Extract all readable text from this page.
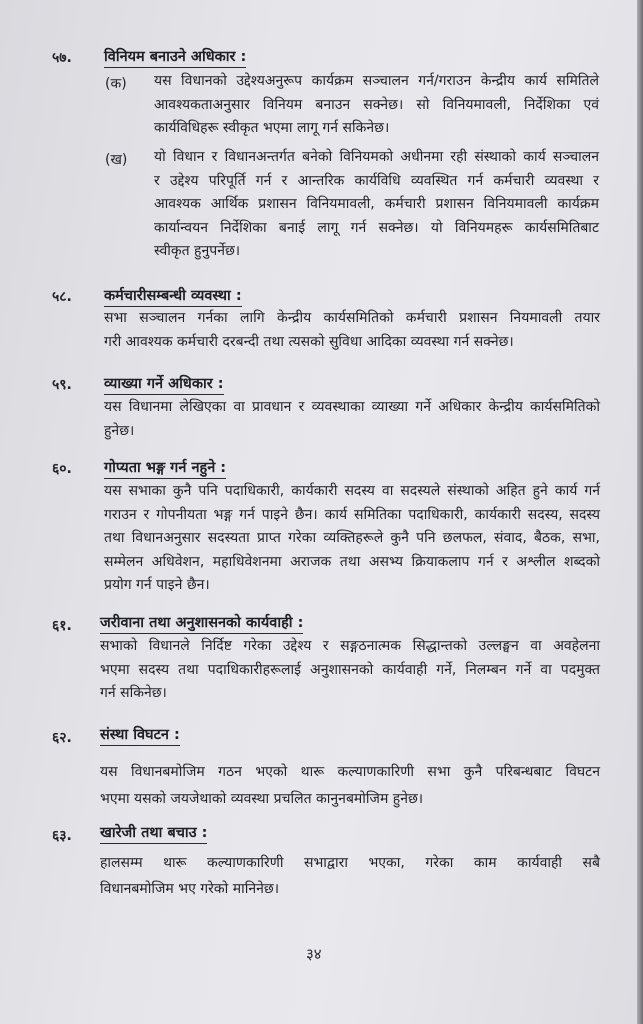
५७. विनियम बनाउने अधिकार :
(क) यस विधानको उद्देश्यअनुरूप कार्यक्रम सञ्चालन गर्न/गराउन केन्द्रीय कार्य समितिले
आवश्यकताअनुसार विनियम बनाउन सक्नेछ। सो विनियमावली, निर्देशिका एवं
कार्यविधिहरू स्वीकृत भएमा लागू गर्न सकिनेछ।
(ख) यो विधान र विधानअन्तर्गत बनेको विनियमको अधीनमा रही संस्थाको कार्य सञ्चालन
र उद्देश्य परिपूर्ति गर्न र आन्तरिक कार्यविधि व्यवस्थित गर्न कर्मचारी व्यवस्था र
आवश्यक आर्थिक प्रशासन विनियमावली, कर्मचारी प्रशासन विनियमावली कार्यक्रम
कार्यान्वयन निर्देशिका बनाई लागू गर्न सक्नेछ। यो विनियमहरू कार्यसमितिबाट
स्वीकृत हुनुपर्नेछ।
५८. कर्मचारीसम्बन्धी व्यवस्था :
सभा सञ्चालन गर्नका लागि केन्द्रीय कार्यसमितिको कर्मचारी प्रशासन नियमावली तयार
गरी आवश्यक कर्मचारी दरबन्दी तथा त्यसको सुविधा आदिका व्यवस्था गर्न सक्नेछ।
५९. व्याख्या गर्ने अधिकार :
यस विधानमा लेखिएका वा प्रावधान र व्यवस्थाका व्याख्या गर्ने अधिकार केन्द्रीय कार्यसमितिको
हुनेछ।
६०. गोप्यता भङ्ग गर्न नहुने :
यस सभाका कुनै पनि पदाधिकारी, कार्यकारी सदस्य वा सदस्यले संस्थाको अहित हुने कार्य गर्न
गराउन र गोपनीयता भङ्ग गर्न पाइने छैन। कार्य समितिका पदाधिकारी, कार्यकारी सदस्य, सदस्य
तथा विधानअनुसार सदस्यता प्राप्त गरेका व्यक्तिहरूले कुनै पनि छलफल, संवाद, बैठक, सभा,
सम्मेलन अधिवेशन, महाधिवेशनमा अराजक तथा असभ्य क्रियाकलाप गर्न र अश्लील शब्दको
प्रयोग गर्न पाइने छैन।
६१. जरीवाना तथा अनुशासनको कार्यवाही :
सभाको विधानले निर्दिष्ट गरेका उद्देश्य र सङ्गठनात्मक सिद्धान्तको उल्लङ्घन वा अवहेलना
भएमा सदस्य तथा पदाधिकारीहरूलाई अनुशासनको कार्यवाही गर्ने, निलम्बन गर्ने वा पदमुक्त
गर्न सकिनेछ।
६२. संस्था विघटन :
यस विधानबमोजिम गठन भएको थारू कल्याणकारिणी सभा कुनै परिबन्धबाट विघटन
भएमा यसको जयजेथाको व्यवस्था प्रचलित कानुनबमोजिम हुनेछ।
६३. खारेजी तथा बचाउ :
हालसम्म थारू कल्याणकारिणी सभाद्वारा भएका, गरेका काम कार्यवाही सबै
विधानबमोजिम भए गरेको मानिनेछ।
३४
